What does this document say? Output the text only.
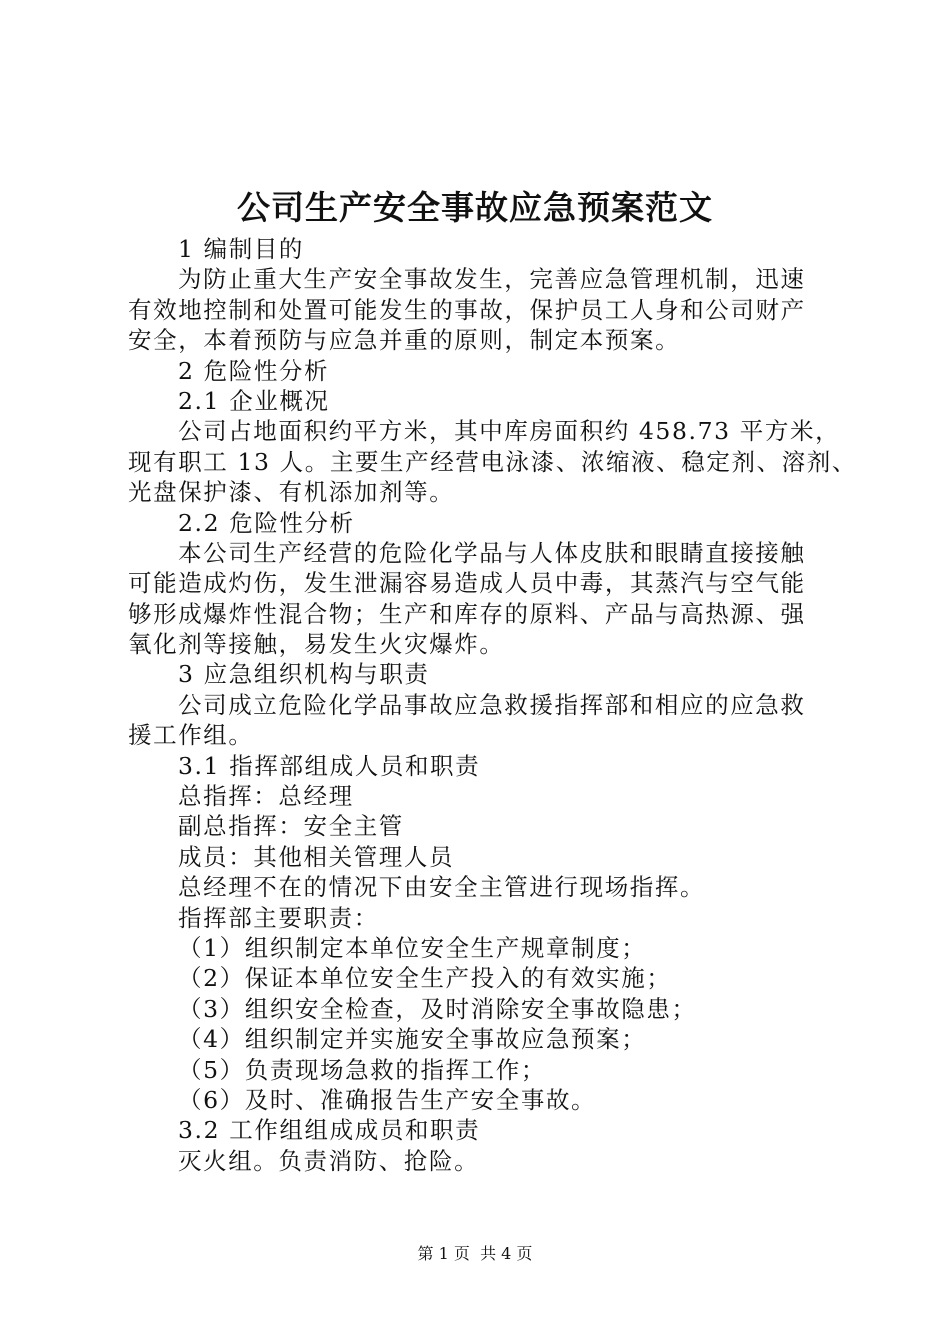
公司生产安全事故应急预案范文

1 编制目的

为防止重大生产安全事故发生，完善应急管理机制，迅速

有效地控制和处置可能发生的事故，保护员工人身和公司财产

安全，本着预防与应急并重的原则，制定本预案。

2 危险性分析

2.1 企业概况

公司占地面积约平方米，其中库房面积约 458.73 平方米，

现有职工 13 人。主要生产经营电泳漆、浓缩液、稳定剂、溶剂、

光盘保护漆、有机添加剂等。

2.2 危险性分析

本公司生产经营的危险化学品与人体皮肤和眼睛直接接触

可能造成灼伤，发生泄漏容易造成人员中毒，其蒸汽与空气能

够形成爆炸性混合物；生产和库存的原料、产品与高热源、强

氧化剂等接触，易发生火灾爆炸。

3 应急组织机构与职责

公司成立危险化学品事故应急救援指挥部和相应的应急救

援工作组。

3.1 指挥部组成人员和职责

总指挥：总经理

副总指挥：安全主管

成员：其他相关管理人员

总经理不在的情况下由安全主管进行现场指挥。

指挥部主要职责：

（1）组织制定本单位安全生产规章制度；

（2）保证本单位安全生产投入的有效实施；

（3）组织安全检查，及时消除安全事故隐患；

（4）组织制定并实施安全事故应急预案；

（5）负责现场急救的指挥工作；

（6）及时、准确报告生产安全事故。

3.2 工作组组成成员和职责

灭火组。负责消防、抢险。

第 1 页  共 4 页
